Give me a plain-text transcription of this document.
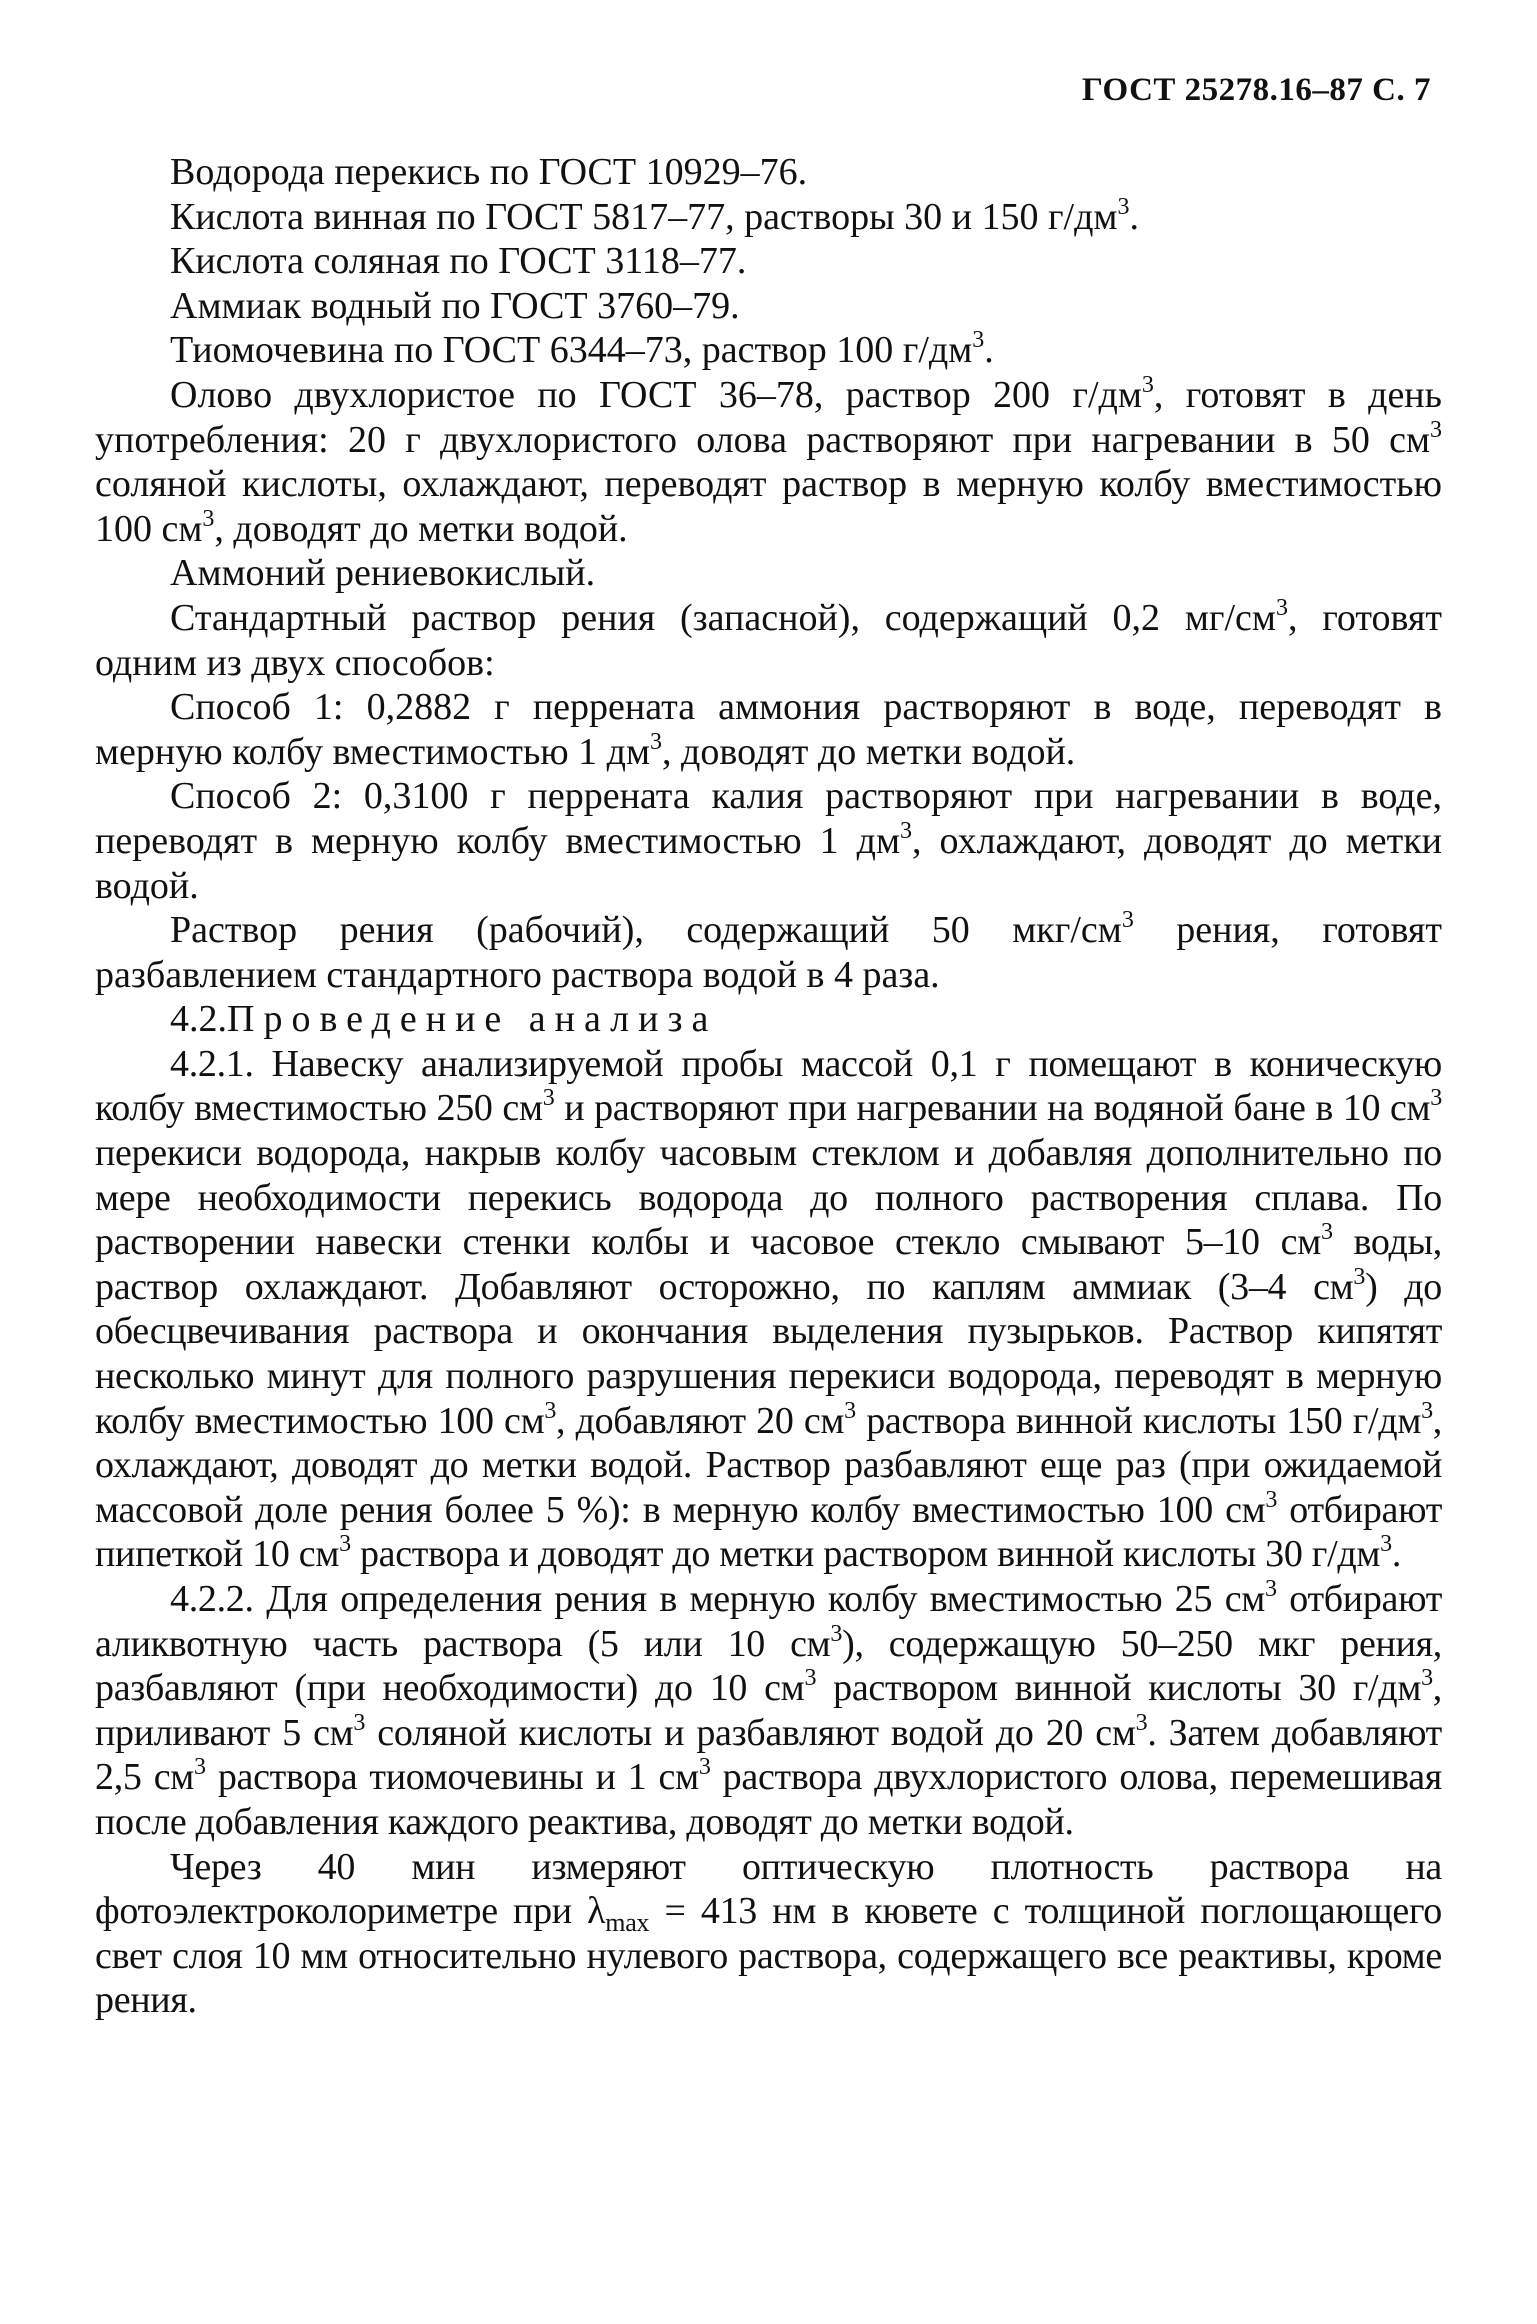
ГОСТ 25278.16–87 С. 7

Водорода перекись по ГОСТ 10929–76.

Кислота винная по ГОСТ 5817–77, растворы 30 и 150 $г/дм^3$.

Кислота соляная по ГОСТ 3118–77.

Аммиак водный по ГОСТ 3760–79.

Тиомочевина по ГОСТ 6344–73, раствор 100 $г/дм^3$.

Олово двухлористое по ГОСТ 36–78, раствор 200 $г/дм^3$, готовят в день употребления: 20 г двухлористого олова растворяют при нагревании в 50 $см^3$ соляной кислоты, охлаждают, переводят раствор в мерную колбу вместимостью 100 $см^3$, доводят до метки водой.

Аммоний рениевокислый.

Стандартный раствор рения (запасной), содержащий 0,2 $мг/см^3$, готовят одним из двух способов:

Способ 1: 0,2882 г перрената аммония растворяют в воде, переводят в мерную колбу вместимостью 1 $дм^3$, доводят до метки водой.

Способ 2: 0,3100 г перрената калия растворяют при нагревании в воде, переводят в мерную колбу вместимостью 1 $дм^3$, охлаждают, доводят до метки водой.

Раствор рения (рабочий), содержащий 50 мкг/$см^3$ рения, готовят разбавлением стандартного раствора водой в 4 раза.

4.2.Проведение анализа

4.2.1. Навеску анализируемой пробы массой 0,1 г помещают в коническую колбу вместимостью 250 $см^3$ и растворяют при нагревании на водяной бане в 10 $см^3$ перекиси водорода, накрыв колбу часовым стеклом и добавляя дополнительно по мере необходимости перекись водорода до полного растворения сплава. По растворении навески стенки колбы и часовое стекло смывают 5–10 $см^3$ воды, раствор охлаждают. Добавляют осторожно, по каплям аммиак (3–4 $см^3$) до обесцвечивания раствора и окончания выделения пузырьков. Раствор кипятят несколько минут для полного разрушения перекиси водорода, переводят в мерную колбу вместимостью 100 $см^3$, добавляют 20 $см^3$ раствора винной кислоты 150 $г/дм^3$, охлаждают, доводят до метки водой. Раствор разбавляют еще раз (при ожидаемой массовой доле рения более 5 %): в мерную колбу вместимостью 100 $см^3$ отбирают пипеткой 10 $см^3$ раствора и доводят до метки раствором винной кислоты 30 $г/дм^3$.

4.2.2. Для определения рения в мерную колбу вместимостью 25 $см^3$ отбирают аликвотную часть раствора (5 или 10 $см^3$), содержащую 50–250 мкг рения, разбавляют (при необходимости) до 10 $см^3$ раствором винной кислоты 30 $г/дм^3$, приливают 5 $см^3$ соляной кислоты и разбавляют водой до 20 $см^3$. Затем добавляют 2,5 $см^3$ раствора тиомочевины и 1 $см^3$ раствора двухлористого олова, перемешивая после добавления каждого реактива, доводят до метки водой.

Через 40 мин измеряют оптическую плотность раствора на фотоэлектроколориметре при $\lambda_{max} = 413$ нм в кювете с толщиной поглощающего свет слоя 10 мм относительно нулевого раствора, содержащего все реактивы, кроме рения.
